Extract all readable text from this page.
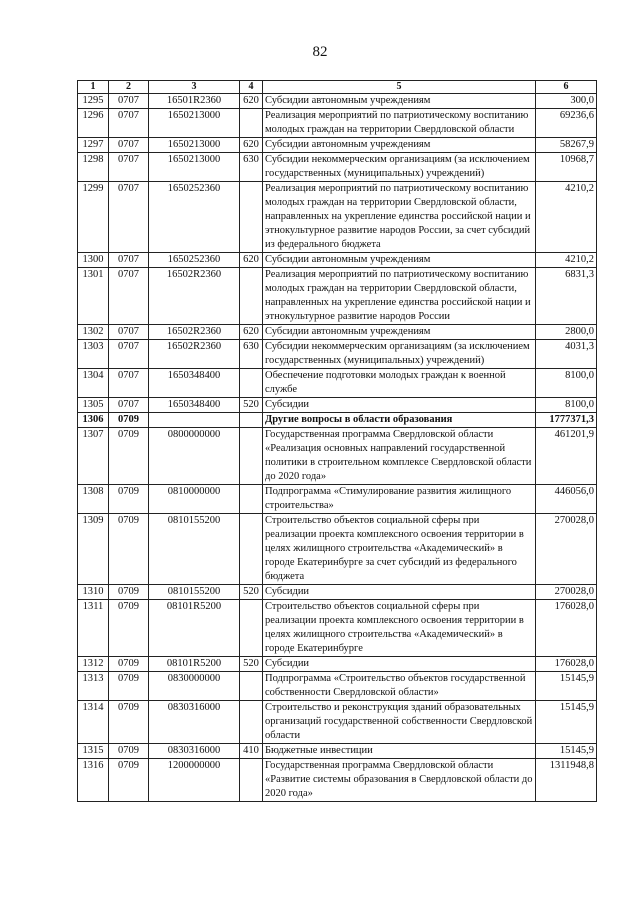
82
1	2	3	4	5	6
1295	0707	16501R2360	620	Субсидии автономным учреждениям	300,0
1296	0707	1650213000		Реализация мероприятий по патриотическому воспитанию молодых граждан на территории Свердловской области	69236,6
1297	0707	1650213000	620	Субсидии автономным учреждениям	58267,9
1298	0707	1650213000	630	Субсидии некоммерческим организациям (за исключением государственных (муниципальных) учреждений)	10968,7
1299	0707	1650252360		Реализация мероприятий по патриотическому воспитанию молодых граждан на территории Свердловской области, направленных на укрепление единства российской нации и этнокультурное развитие народов России, за счет субсидий из федерального бюджета	4210,2
1300	0707	1650252360	620	Субсидии автономным учреждениям	4210,2
1301	0707	16502R2360		Реализация мероприятий по патриотическому воспитанию молодых граждан на территории Свердловской области, направленных на укрепление единства российской нации и этнокультурное развитие народов России	6831,3
1302	0707	16502R2360	620	Субсидии автономным учреждениям	2800,0
1303	0707	16502R2360	630	Субсидии некоммерческим организациям (за исключением государственных (муниципальных) учреждений)	4031,3
1304	0707	1650348400		Обеспечение подготовки молодых граждан к военной службе	8100,0
1305	0707	1650348400	520	Субсидии	8100,0
1306	0709			Другие вопросы в области образования	1777371,3
1307	0709	0800000000		Государственная программа Свердловской области «Реализация основных направлений государственной политики в строительном комплексе Свердловской области до 2020 года»	461201,9
1308	0709	0810000000		Подпрограмма «Стимулирование развития жилищного строительства»	446056,0
1309	0709	0810155200		Строительство объектов социальной сферы при реализации проекта комплексного освоения территории в целях жилищного строительства «Академический» в городе Екатеринбурге за счет субсидий из федерального бюджета	270028,0
1310	0709	0810155200	520	Субсидии	270028,0
1311	0709	08101R5200		Строительство объектов социальной сферы при реализации проекта комплексного освоения территории в целях жилищного строительства «Академический» в городе Екатеринбурге	176028,0
1312	0709	08101R5200	520	Субсидии	176028,0
1313	0709	0830000000		Подпрограмма «Строительство объектов государственной собственности Свердловской области»	15145,9
1314	0709	0830316000		Строительство и реконструкция зданий образовательных организаций государственной собственности Свердловской области	15145,9
1315	0709	0830316000	410	Бюджетные инвестиции	15145,9
1316	0709	1200000000		Государственная программа Свердловской области «Развитие системы образования в Свердловской области до 2020 года»	1311948,8
